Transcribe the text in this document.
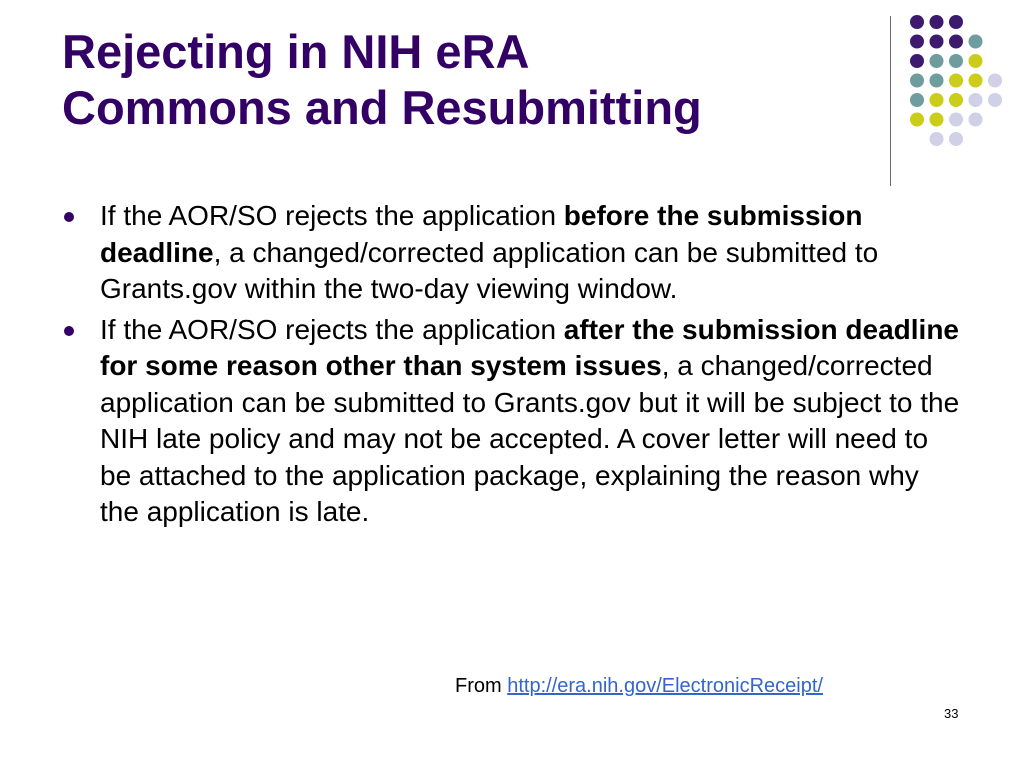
Rejecting in NIH eRA
Commons and Resubmitting
If the AOR/SO rejects the application before the submission deadline, a changed/corrected application can be submitted to Grants.gov within the two-day viewing window.
If the AOR/SO rejects the application after the submission deadline for some reason other than system issues, a changed/corrected application can be submitted to Grants.gov but it will be subject to the NIH late policy and may not be accepted. A cover letter will need to be attached to the application package, explaining the reason why the application is late.
From http://era.nih.gov/ElectronicReceipt/
33
